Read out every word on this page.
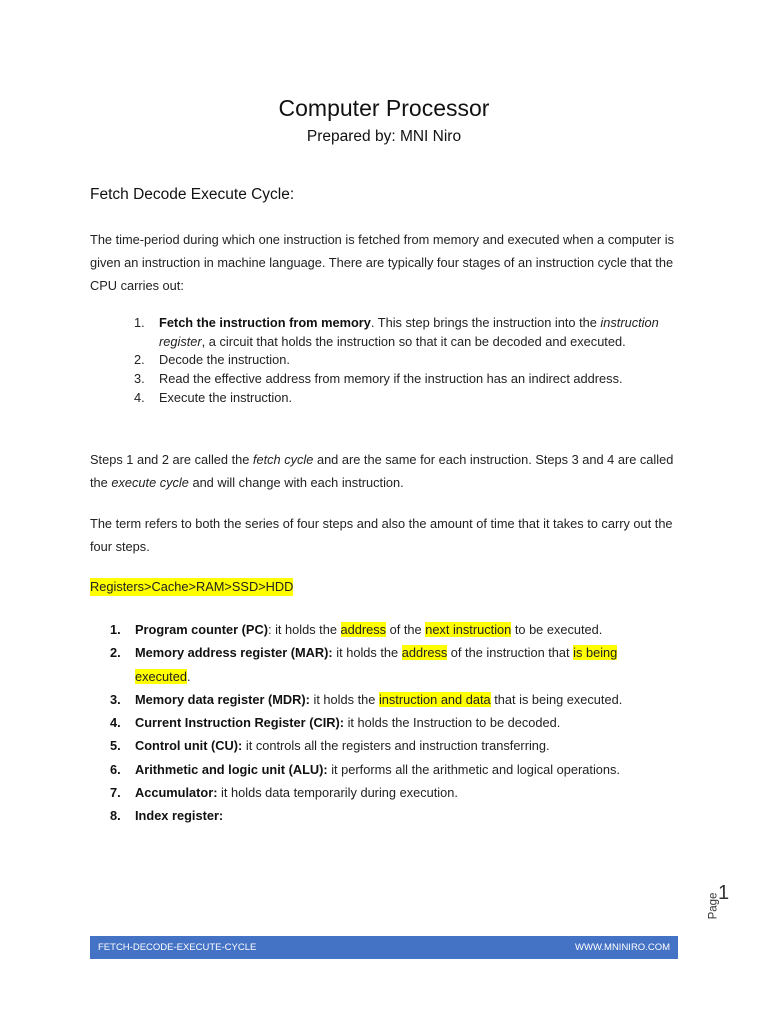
Computer Processor
Prepared by: MNI Niro
Fetch Decode Execute Cycle:

The time-period during which one instruction is fetched from memory and executed when a computer is given an instruction in machine language. There are typically four stages of an instruction cycle that the CPU carries out:

1. Fetch the instruction from memory. This step brings the instruction into the instruction register, a circuit that holds the instruction so that it can be decoded and executed.
2. Decode the instruction.
3. Read the effective address from memory if the instruction has an indirect address.
4. Execute the instruction.

Steps 1 and 2 are called the fetch cycle and are the same for each instruction. Steps 3 and 4 are called the execute cycle and will change with each instruction.

The term refers to both the series of four steps and also the amount of time that it takes to carry out the four steps.

Registers>Cache>RAM>SSD>HDD
1. Program counter (PC): it holds the address of the next instruction to be executed.
2. Memory address register (MAR): it holds the address of the instruction that is being executed.
3. Memory data register (MDR): it holds the instruction and data that is being executed.
4. Current Instruction Register (CIR): it holds the Instruction to be decoded.
5. Control unit (CU): it controls all the registers and instruction transferring.
6. Arithmetic and logic unit (ALU): it performs all the arithmetic and logical operations.
7. Accumulator: it holds data temporarily during execution.
8. Index register:
Page
1
FETCH-DECODE-EXECUTE-CYCLE	WWW.MNINIRO.COM
